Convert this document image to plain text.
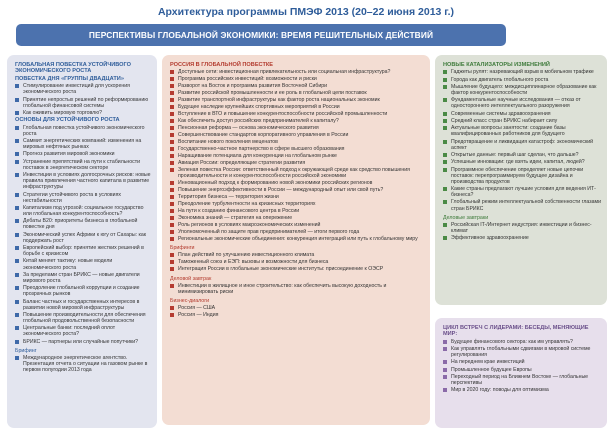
Архитектура программы ПМЭФ 2013 (20–22 июня 2013 г.)
ПЕРСПЕКТИВЫ ГЛОБАЛЬНОЙ ЭКОНОМИКИ: ВРЕМЯ РЕШИТЕЛЬНЫХ ДЕЙСТВИЙ
ГЛОБАЛЬНАЯ ПОВЕСТКА УСТОЙЧИВОГО ЭКОНОМИЧЕСКОГО РОСТА
ПОВЕСТКА ДНЯ «ГРУППЫ ДВАДЦАТИ»
Стимулирование инвестиций для ускорения экономического роста
Принятие непростых решений по реформированию глобальной финансовой системы
Как оживить мировую торговлю?
ОСНОВЫ ДЛЯ УСТОЙЧИВОГО РОСТА
Глобальная повестка устойчивого экономического роста
Саммит энергетических компаний: изменения на мировых нефтяных рынках
Прогноз развития мировой экономики
Устранение препятствий на пути к стабильности поставок в энергетическом секторе
Инвестиции в условиях долгосрочных рисков: новые правила привлечения частного капитала в развитие инфраструктуры
Стратегии устойчивого роста в условиях нестабильности
Капитализм под угрозой: социальное государство или глобальная конкурентоспособность?
Дебаты B20: приоритеты бизнеса в глобальной повестке дня
Экономический успех Африки к югу от Сахары: как поддержать рост
Европейский выбор: принятие жестких решений в борьбе с кризисом
Китай меняет тактику: новые модели экономического роста
За пределами стран БРИКС — новые двигатели мирового роста
Преодоление глобальной коррупции и создание прозрачных рынков
Баланс частных и государственных интересов в развитии новой мировой инфраструктуры
Повышение производительности для обеспечения глобальной продовольственной безопасности
Центральные банки: последний оплот экономического роста?
БРИКС — партнеры или случайные попутчики?
Брифинг
Международное энергетическое агентство. Презентация отчета о ситуации на газовом рынке в первом полугодии 2013 года
РОССИЯ В ГЛОБАЛЬНОЙ ПОВЕСТКЕ
Доступные сети: инвестиционная привлекательность или социальная инфраструктура?
Программа российских инвестиций: возможности и риски
Разворот на Восток и программа развития Восточной Сибири
Развитие российской промышленности и ее роль в глобальной цепи поставок
Развитие транспортной инфраструктуры как фактор роста национальных экономик
Будущее наследие крупнейших спортивных мероприятий в России
Вступление в ВТО и повышение конкурентоспособности российской промышленности
Как обеспечить доступ российских предпринимателей к капиталу?
Пенсионная реформа — основа экономического развития
Совершенствование стандартов корпоративного управления в России
Воспитание нового поколения меценатов
Государственно-частное партнерство в сфере высшего образования
Наращивание потенциала для конкуренции на глобальном рынке
Авиация России: определяющие стратегии развития
Зеленая повестка России: ответственный подход к окружающей среде как средство повышения производительности и конкурентоспособности российской экономики
Инновационный подход к формированию новой экономики российских регионов
Повышение энергоэффективности в России — международный опыт или свой путь?
Территория бизнеса — территория жизни
Преодоление турбулентности на кризисных территориях
На пути к созданию финансового центра в России
Экономика знаний — стратегия на опережение
Роль регионов в условиях макроэкономических изменений
Уполномоченный по защите прав предпринимателей — итоги первого года
Региональные экономические объединения: конкуренция интеграций или путь к глобальному миру
Брифинги
План действий по улучшению инвестиционного климата
Таможенный союз и ЕЭП: вызовы и возможности для бизнеса
Интеграция России в глобальные экономические институты: присоединение к ОЭСР
Деловой завтрак
Инвестиции в жилищное и иное строительство: как обеспечить высокую доходность и минимизировать риски
Бизнес-диалоги
Россия — США
Россия — Индия
НОВЫЕ КАТАЛИЗАТОРЫ ИЗМЕНЕНИЙ
Гаджеты рулят: назревающий взрыв в мобильном трафике
Города как двигатель глобального роста
Мышление будущего: междисциплинарное образование как фактор конкурентоспособности
Фундаментальные научные исследования — отказ от одностороннего интеллектуального разоружения
Современные системы здравоохранения
Средний класс стран БРИКС набирает силу
Актуальные вопросы занятости: создание базы квалифицированных работников для будущего
Предотвращение и ликвидация катастроф: экономический аспект
Открытые данные: первый шаг сделан, что дальше?
Успешные инновации: где взять идеи, капитал, людей?
Программное обеспечение определяет новые цепочки поставок: перепрограммируем будущее дизайна и производства продуктов
Какие страны предлагают лучшие условия для ведения ИТ-бизнеса?
Глобальный режим интеллектуальной собственности глазами стран БРИКС
Деловые завтраки
Российская IT-/Интернет индустрия: инвестиции и бизнес-климат
Эффективное здравоохранение
ЦИКЛ ВСТРЕЧ С ЛИДЕРАМИ: БЕСЕДЫ, МЕНЯЮЩИЕ МИР:
Будущее финансового сектора: как им управлять?
Как управлять глобальными сдвигами в мировой системе регулирования
На переднем крае инвестиций
Промышленное будущее Европы
Переходный период на Ближнем Востоке — глобальные перспективы
Мир в 2020 году: поводы для оптимизма
